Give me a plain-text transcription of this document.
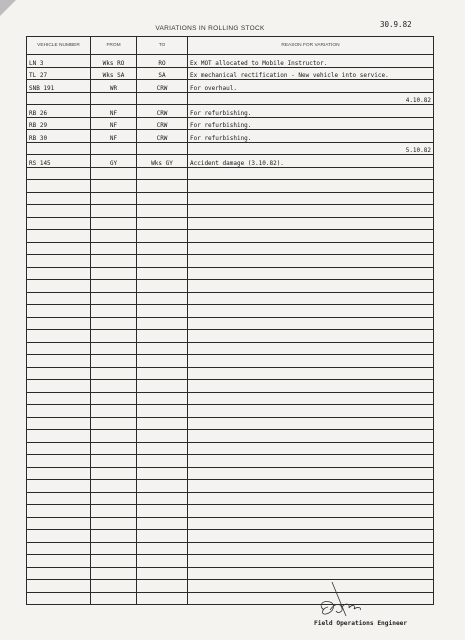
VARIATIONS IN ROLLING STOCK	30.9.82
VEHICLE NUMBER	FROM	TO	REASON FOR VARIATION
LN 3	Wks RO	RO	Ex MOT allocated to Mobile Instructor.
TL 27	Wks SA	SA	Ex mechanical rectification - New vehicle into service.
SNB 191	WR	CRW	For overhaul.
			4.10.82
RB 26	NF	CRW	For refurbishing.
RB 29	NF	CRW	For refurbishing.
RB 30	NF	CRW	For refurbishing.
			5.10.82
RS 145	GY	Wks GY	Accident damage (3.10.82).

Field Operations Engineer
